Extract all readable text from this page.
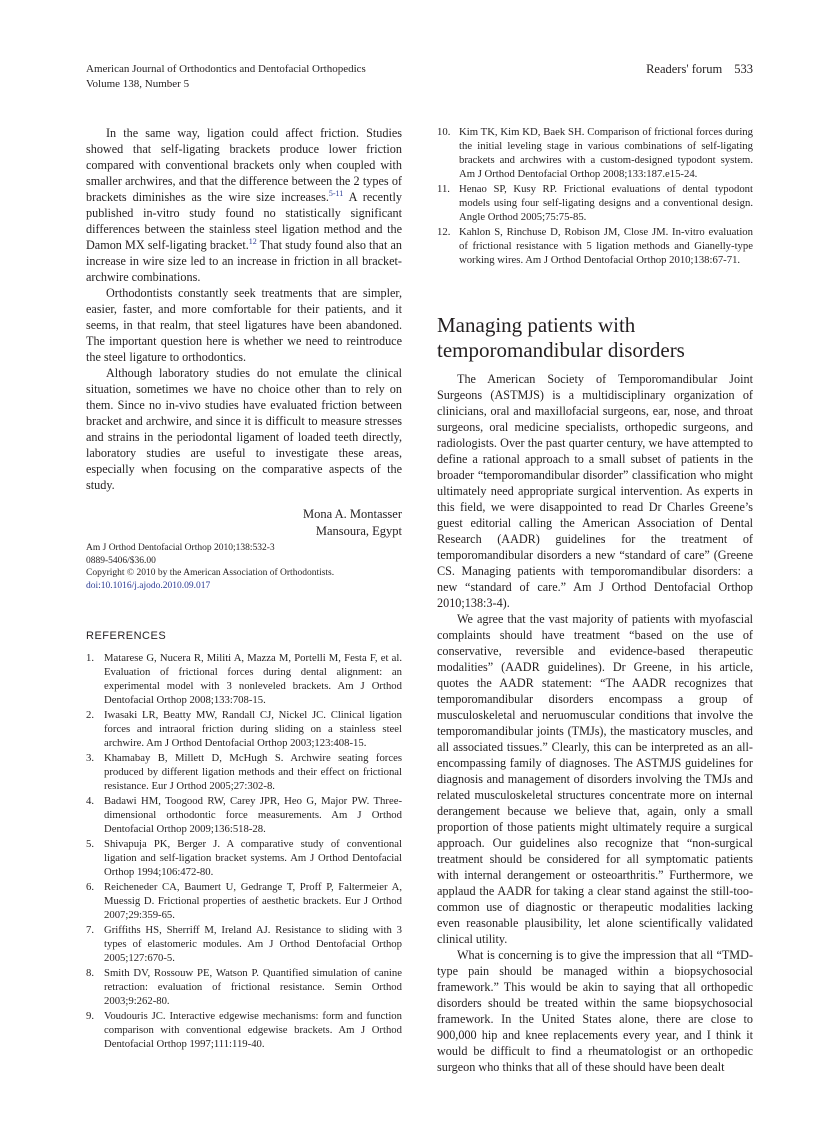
American Journal of Orthodontics and Dentofacial Orthopedics
Volume 138, Number 5
Readers' forum 533

In the same way, ligation could affect friction. Studies showed that self-ligating brackets produce lower friction compared with conventional brackets only when coupled with smaller archwires, and that the difference between the 2 types of brackets diminishes as the wire size increases.$^{5-11}$ A recently published in-vitro study found no statistically significant differences between the stainless steel ligation method and the Damon MX self-ligating bracket.$^{12}$ That study found also that an increase in wire size led to an increase in friction in all bracket-archwire combinations.

Orthodontists constantly seek treatments that are simpler, easier, faster, and more comfortable for their patients, and it seems, in that realm, that steel ligatures have been abandoned. The important question here is whether we need to reintroduce the steel ligature to orthodontics.

Although laboratory studies do not emulate the clinical situation, sometimes we have no choice other than to rely on them. Since no in-vivo studies have evaluated friction between bracket and archwire, and since it is difficult to measure stresses and strains in the periodontal ligament of loaded teeth directly, laboratory studies are useful to investigate these areas, especially when focusing on the comparative aspects of the study.

Mona A. Montasser
Mansoura, Egypt
Am J Orthod Dentofacial Orthop 2010;138:532-3
0889-5406/$36.00
Copyright © 2010 by the American Association of Orthodontists.
doi:10.1016/j.ajodo.2010.09.017
REFERENCES
1. Matarese G, Nucera R, Militi A, Mazza M, Portelli M, Festa F, et al. Evaluation of frictional forces during dental alignment: an experimental model with 3 nonleveled brackets. Am J Orthod Dentofacial Orthop 2008;133:708-15.
2. Iwasaki LR, Beatty MW, Randall CJ, Nickel JC. Clinical ligation forces and intraoral friction during sliding on a stainless steel archwire. Am J Orthod Dentofacial Orthop 2003;123:408-15.
3. Khamabay B, Millett D, McHugh S. Archwire seating forces produced by different ligation methods and their effect on frictional resistance. Eur J Orthod 2005;27:302-8.
4. Badawi HM, Toogood RW, Carey JPR, Heo G, Major PW. Three-dimensional orthodontic force measurements. Am J Orthod Dentofacial Orthop 2009;136:518-28.
5. Shivapuja PK, Berger J. A comparative study of conventional ligation and self-ligation bracket systems. Am J Orthod Dentofacial Orthop 1994;106:472-80.
6. Reicheneder CA, Baumert U, Gedrange T, Proff P, Faltermeier A, Muessig D. Frictional properties of aesthetic brackets. Eur J Orthod 2007;29:359-65.
7. Griffiths HS, Sherriff M, Ireland AJ. Resistance to sliding with 3 types of elastomeric modules. Am J Orthod Dentofacial Orthop 2005;127:670-5.
8. Smith DV, Rossouw PE, Watson P. Quantified simulation of canine retraction: evaluation of frictional resistance. Semin Orthod 2003;9:262-80.
9. Voudouris JC. Interactive edgewise mechanisms: form and function comparison with conventional edgewise brackets. Am J Orthod Dentofacial Orthop 1997;111:119-40.
10. Kim TK, Kim KD, Baek SH. Comparison of frictional forces during the initial leveling stage in various combinations of self-ligating brackets and archwires with a custom-designed typodont system. Am J Orthod Dentofacial Orthop 2008;133:187.e15-24.
11. Henao SP, Kusy RP. Frictional evaluations of dental typodont models using four self-ligating designs and a conventional design. Angle Orthod 2005;75:75-85.
12. Kahlon S, Rinchuse D, Robison JM, Close JM. In-vitro evaluation of frictional resistance with 5 ligation methods and Gianelly-type working wires. Am J Orthod Dentofacial Orthop 2010;138:67-71.
Managing patients with temporomandibular disorders

The American Society of Temporomandibular Joint Surgeons (ASTMJS) is a multidisciplinary organization of clinicians, oral and maxillofacial surgeons, ear, nose, and throat surgeons, oral medicine specialists, orthopedic surgeons, and radiologists. Over the past quarter century, we have attempted to define a rational approach to a small subset of patients in the broader “temporomandibular disorder” classification who might ultimately need appropriate surgical intervention. As experts in this field, we were disappointed to read Dr Charles Greene’s guest editorial calling the American Association of Dental Research (AADR) guidelines for the treatment of temporomandibular disorders a new “standard of care” (Greene CS. Managing patients with temporomandibular disorders: a new “standard of care.” Am J Orthod Dentofacial Orthop 2010;138:3-4).

We agree that the vast majority of patients with myofascial complaints should have treatment “based on the use of conservative, reversible and evidence-based therapeutic modalities” (AADR guidelines). Dr Greene, in his article, quotes the AADR statement: “The AADR recognizes that temporomandibular disorders encompass a group of musculoskeletal and neruomuscular conditions that involve the temporomandibular joints (TMJs), the masticatory muscles, and all associated tissues.” Clearly, this can be interpreted as an all-encompassing family of diagnoses. The ASTMJS guidelines for diagnosis and management of disorders involving the TMJs and related musculoskeletal structures concentrate more on internal derangement because we believe that, again, only a small proportion of those patients might ultimately require a surgical approach. Our guidelines also recognize that “non-surgical treatment should be considered for all symptomatic patients with internal derangement or osteoarthritis.” Furthermore, we applaud the AADR for taking a clear stand against the still-too-common use of diagnostic or therapeutic modalities lacking even reasonable plausibility, let alone scientifically validated clinical utility.

What is concerning is to give the impression that all “TMD-type pain should be managed within a biopsychosocial framework.” This would be akin to saying that all orthopedic disorders should be treated within the same biopsychosocial framework. In the United States alone, there are close to 900,000 hip and knee replacements every year, and I think it would be difficult to find a rheumatologist or an orthopedic surgeon who thinks that all of these should have been dealt
